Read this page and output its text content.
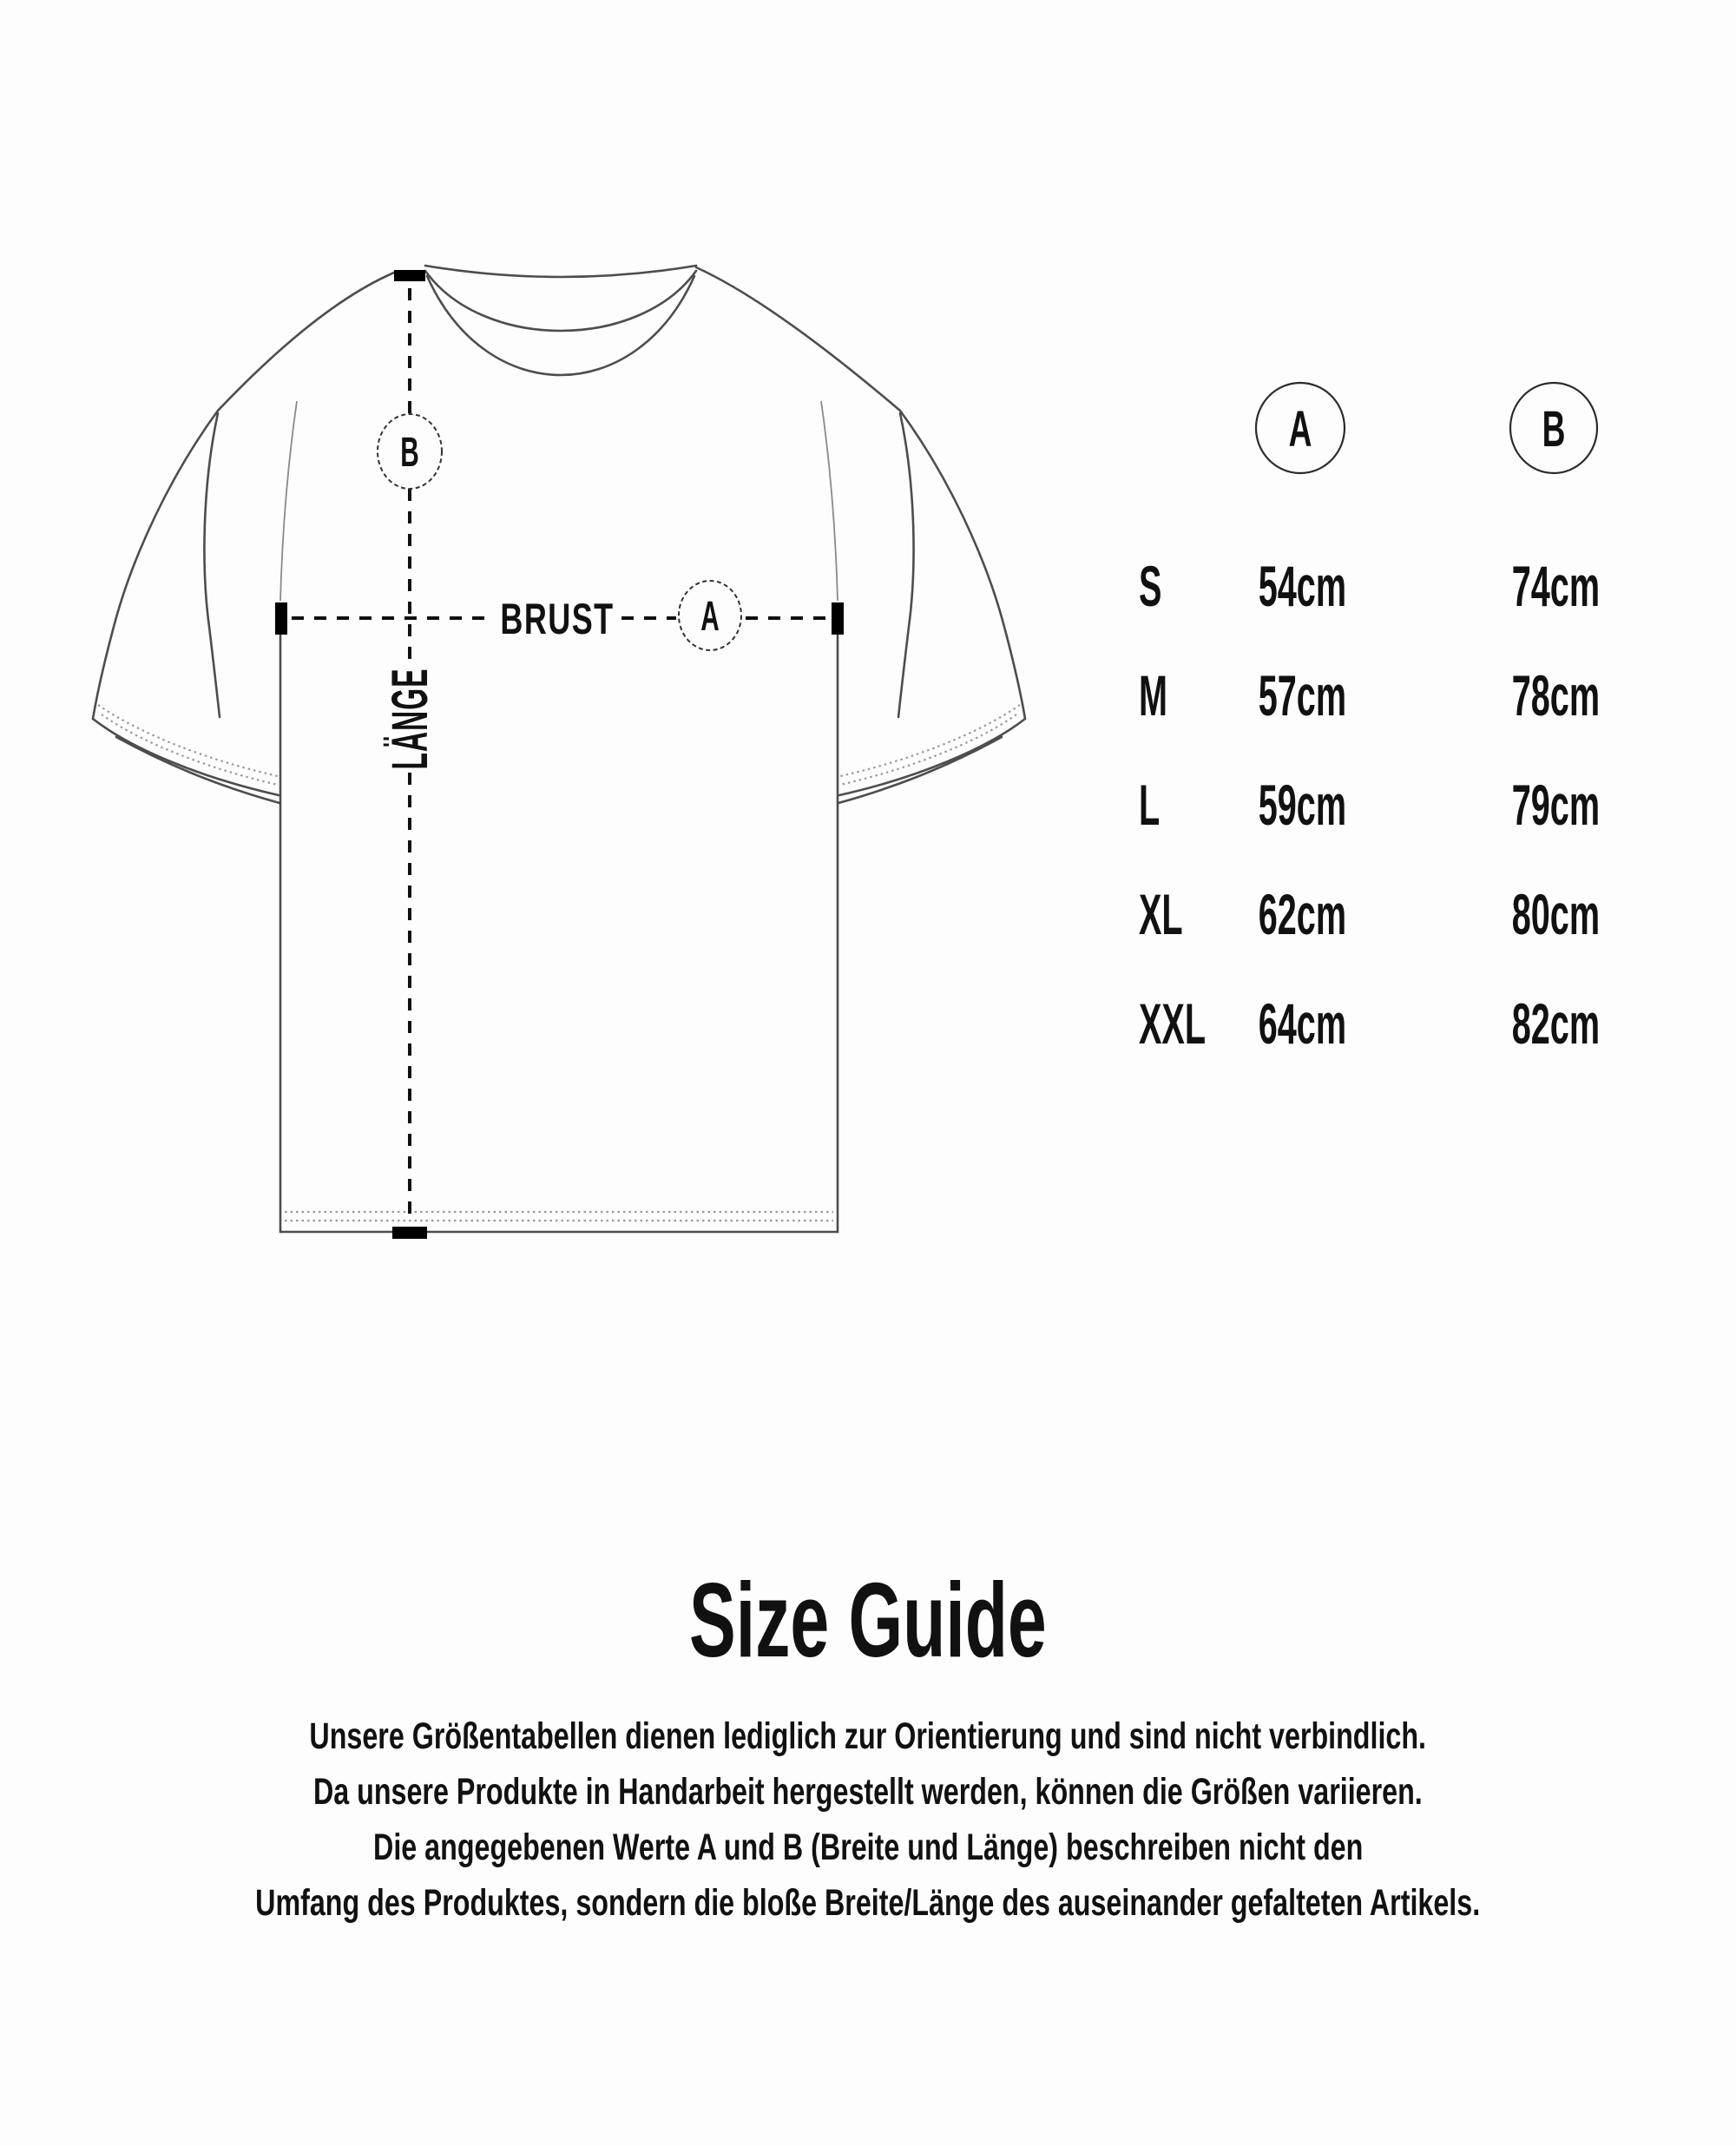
B
A
BRUST
LÄNGE
A	B
S 54cm	74cm
M 57cm	78cm
L 59cm	79cm
XL 62cm	80cm
XXL 64cm	82cm
Size Guide
Unsere Größentabellen dienen lediglich zur Orientierung und sind nicht verbindlich.
Da unsere Produkte in Handarbeit hergestellt werden, können die Größen variieren.
Die angegebenen Werte A und B (Breite und Länge) beschreiben nicht den
Umfang des Produktes, sondern die bloße Breite/Länge des auseinander gefalteten Artikels.
